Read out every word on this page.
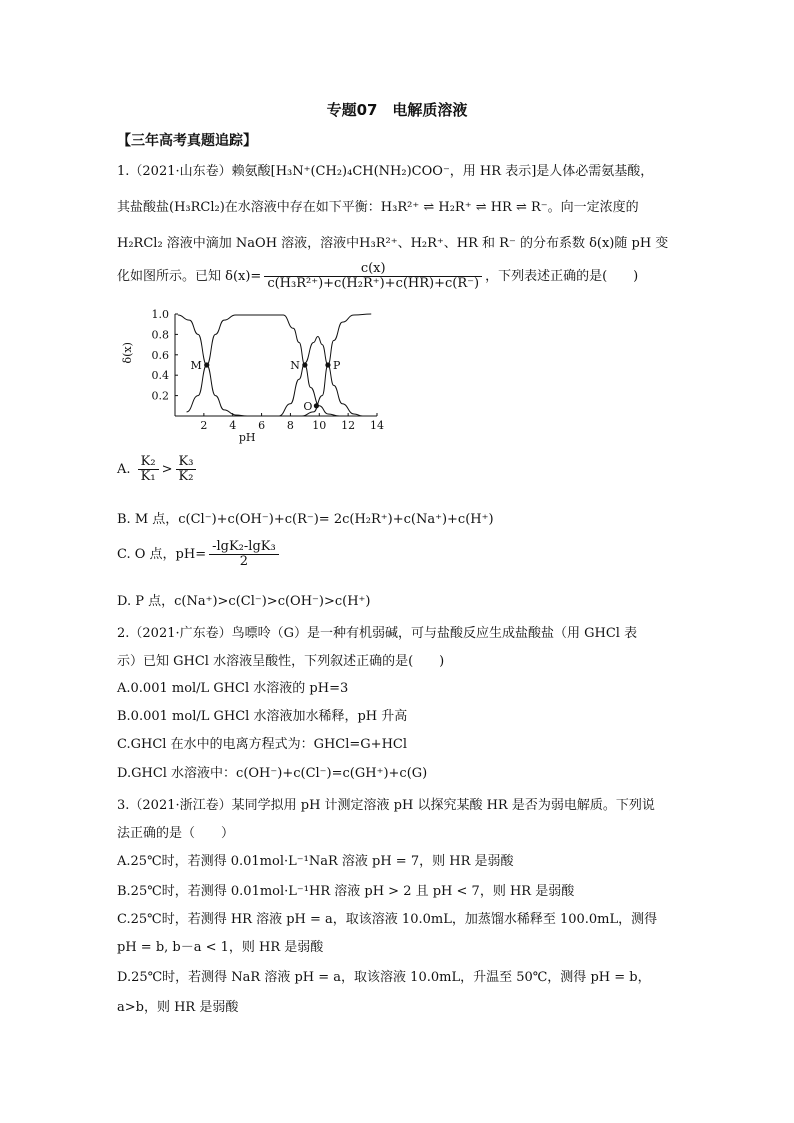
专题07　电解质溶液
【三年高考真题追踪】
1.（2021·山东卷）赖氨酸[H₃N⁺(CH₂)₄CH(NH₂)COO⁻，用 HR 表示]是人体必需氨基酸，
其盐酸盐(H₃RCl₂)在水溶液中存在如下平衡：H₃R²⁺ ⇌ H₂R⁺ ⇌ HR ⇌ R⁻。向一定浓度的
H₂RCl₂ 溶液中滴加 NaOH 溶液，溶液中H₃R²⁺、H₂R⁺、HR 和 R⁻ 的分布系数 δ(x)随 pH 变
化如图所示。已知 $\delta(x)= \frac{c(x)}{\text{c(H₃R²⁺)+c(H₂R⁺)+c(HR)+c(R⁻)}}$ ，下列表述正确的是(　　)
2 4 6 8 10 12 14
0.2
0.4
0.6
0.8
1.0
pH
δ(x)
M	N
O
P
A. $\frac{\text{K₂}}{\text{K₁}} > \frac{\text{K₃}}{\text{K₂}}$
B. M 点，c(Cl⁻)+c(OH⁻)+c(R⁻)= 2c(H₂R⁺)+c(Na⁺)+c(H⁺)
C. O 点，$pH= \frac{\text{-lgK₂-lgK₃}}{2}$
D. P 点，c(Na⁺)>c(Cl⁻)>c(OH⁻)>c(H⁺)
2.（2021·广东卷）鸟嘌呤（G）是一种有机弱碱，可与盐酸反应生成盐酸盐（用 GHCl 表
示）已知 GHCl 水溶液呈酸性，下列叙述正确的是(　　)
A.0.001 mol/L GHCl 水溶液的 pH=3
B.0.001 mol/L GHCl 水溶液加水稀释，pH 升高
C.GHCl 在水中的电离方程式为：GHCl=G+HCl
D.GHCl 水溶液中：c(OH⁻)+c(Cl⁻)=c(GH⁺)+c(G)
3.（2021·浙江卷）某同学拟用 pH 计测定溶液 pH 以探究某酸 HR 是否为弱电解质。下列说
法正确的是（　　）
A.25℃时，若测得 0.01mol·L⁻¹NaR 溶液 pH = 7，则 HR 是弱酸
B.25℃时，若测得 0.01mol·L⁻¹HR 溶液 pH > 2 且 pH < 7，则 HR 是弱酸
C.25℃时，若测得 HR 溶液 pH = a，取该溶液 10.0mL，加蒸馏水稀释至 100.0mL，测得
pH = b, b－a < 1，则 HR 是弱酸
D.25℃时，若测得 NaR 溶液 pH = a，取该溶液 10.0mL，升温至 50℃，测得 pH = b，
a>b，则 HR 是弱酸
